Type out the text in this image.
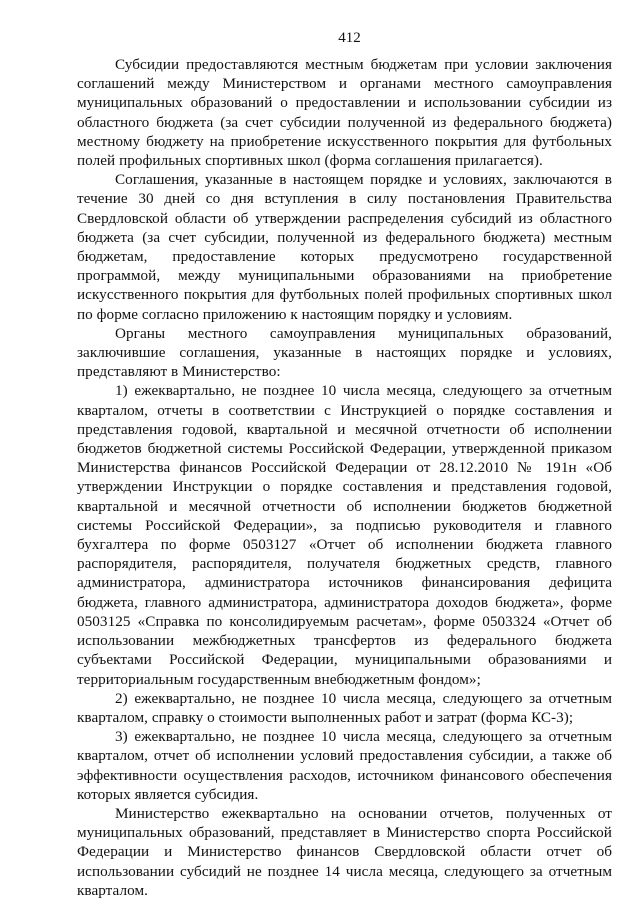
412

Субсидии предоставляются местным бюджетам при условии заключения соглашений между Министерством и органами местного самоуправления муниципальных образований о предоставлении и использовании субсидии из областного бюджета (за счет субсидии полученной из федерального бюджета) местному бюджету на приобретение искусственного покрытия для футбольных полей профильных спортивных школ (форма соглашения прилагается).

Соглашения, указанные в настоящем порядке и условиях, заключаются в течение 30 дней со дня вступления в силу постановления Правительства Свердловской области об утверждении распределения субсидий из областного бюджета (за счет субсидии, полученной из федерального бюджета) местным бюджетам, предоставление которых предусмотрено государственной программой, между муниципальными образованиями на приобретение искусственного покрытия для футбольных полей профильных спортивных школ по форме согласно приложению к настоящим порядку и условиям.

Органы местного самоуправления муниципальных образований, заключившие соглашения, указанные в настоящих порядке и условиях, представляют в Министерство:

1) ежеквартально, не позднее 10 числа месяца, следующего за отчетным кварталом, отчеты в соответствии с Инструкцией о порядке составления и представления годовой, квартальной и месячной отчетности об исполнении бюджетов бюджетной системы Российской Федерации, утвержденной приказом Министерства финансов Российской Федерации от 28.12.2010 № 191н «Об утверждении Инструкции о порядке составления и представления годовой, квартальной и месячной отчетности об исполнении бюджетов бюджетной системы Российской Федерации», за подписью руководителя и главного бухгалтера по форме 0503127 «Отчет об исполнении бюджета главного распорядителя, распорядителя, получателя бюджетных средств, главного администратора, администратора источников финансирования дефицита бюджета, главного администратора, администратора доходов бюджета», форме 0503125 «Справка по консолидируемым расчетам», форме 0503324 «Отчет об использовании межбюджетных трансфертов из федерального бюджета субъектами Российской Федерации, муниципальными образованиями и территориальным государственным внебюджетным фондом»;

2) ежеквартально, не позднее 10 числа месяца, следующего за отчетным кварталом, справку о стоимости выполненных работ и затрат (форма КС-3);

3) ежеквартально, не позднее 10 числа месяца, следующего за отчетным кварталом, отчет об исполнении условий предоставления субсидии, а также об эффективности осуществления расходов, источником финансового обеспечения которых является субсидия.

Министерство ежеквартально на основании отчетов, полученных от муниципальных образований, представляет в Министерство спорта Российской Федерации и Министерство финансов Свердловской области отчет об использовании субсидий не позднее 14 числа месяца, следующего за отчетным кварталом.
